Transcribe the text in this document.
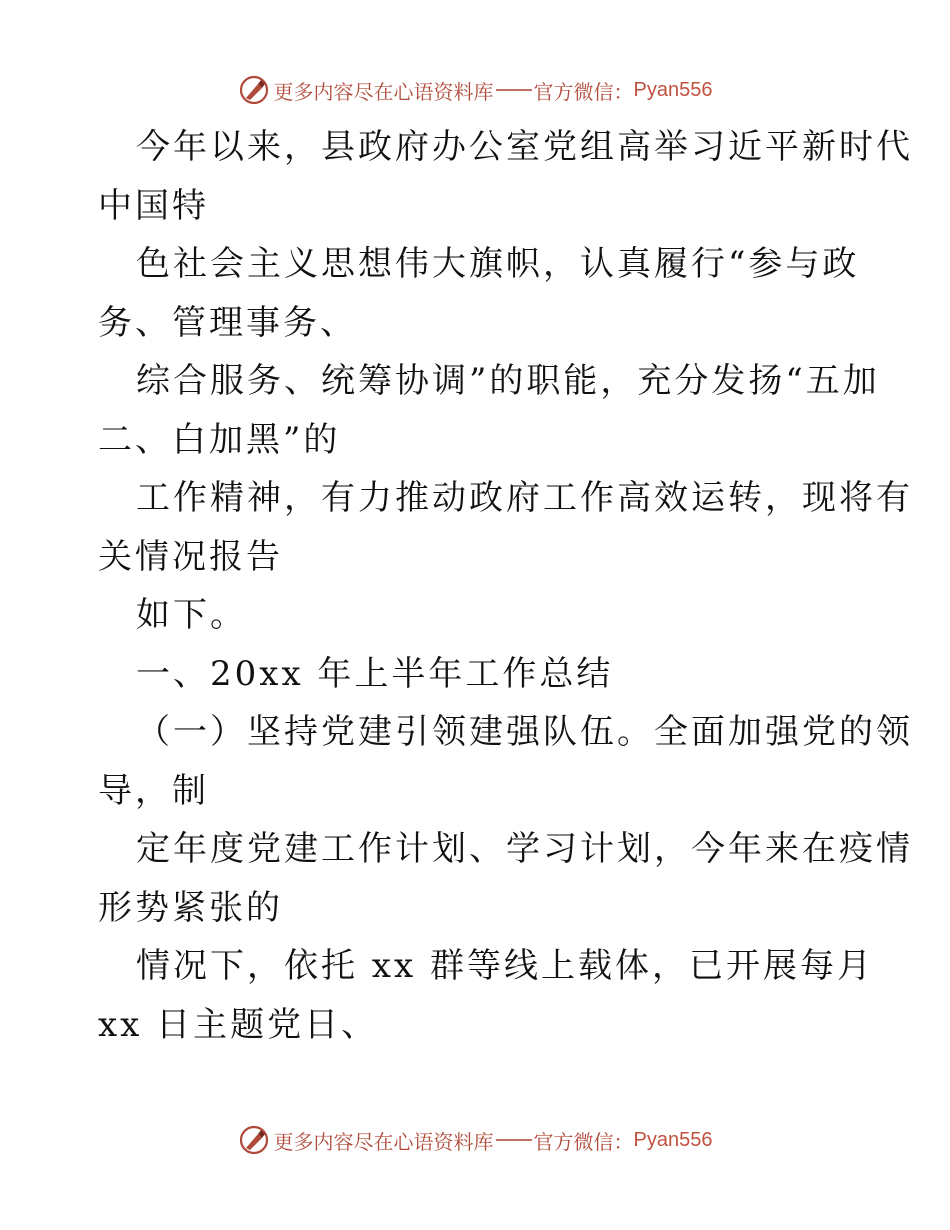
更多内容尽在心语资料库 官方微信： Pyan556
今年以来，县政府办公室党组高举习近平新时代
中国特
色社会主义思想伟大旗帜，认真履行“参与政
务、管理事务、
综合服务、统筹协调”的职能，充分发扬“五加
二、白加黑”的
工作精神，有力推动政府工作高效运转，现将有
关情况报告
如下。
一、20xx 年上半年工作总结
（一）坚持党建引领建强队伍。全面加强党的领
导，制
定年度党建工作计划、学习计划，今年来在疫情
形势紧张的
情况下，依托 xx 群等线上载体，已开展每月
xx 日主题党日、
更多内容尽在心语资料库 官方微信： Pyan556
